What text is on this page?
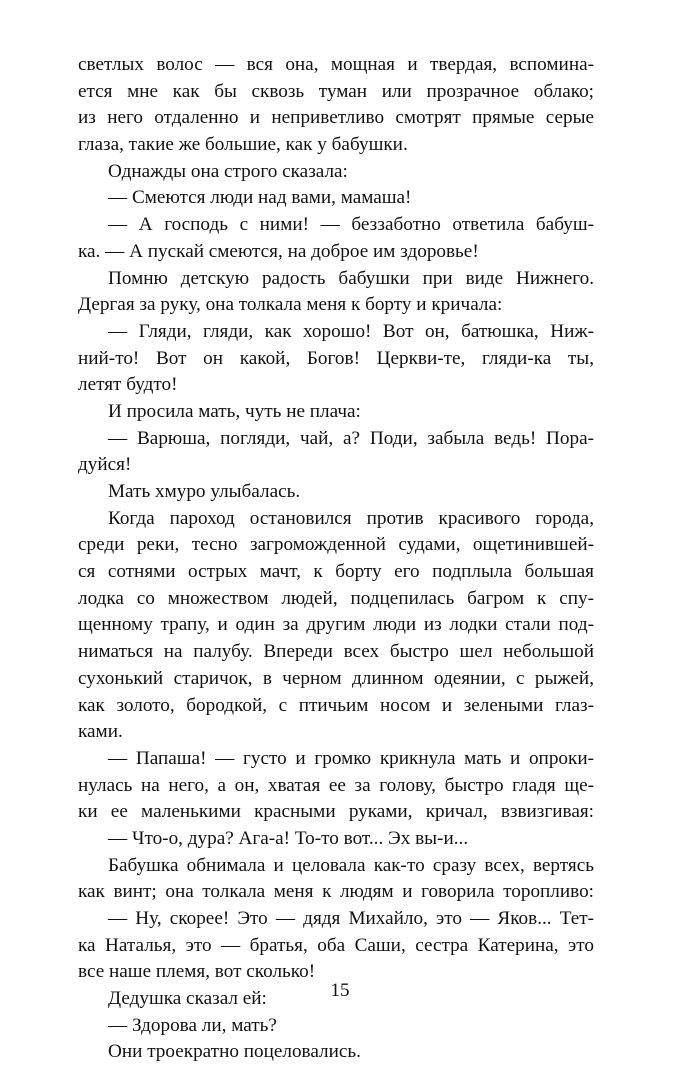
светлых волос — вся она, мощная и твердая, вспомина-
ется мне как бы сквозь туман или прозрачное облако;
из него отдаленно и неприветливо смотрят прямые серые
глаза, такие же большие, как у бабушки.
Однажды она строго сказала:
— Смеются люди над вами, мамаша!
— А господь с ними! — беззаботно ответила бабуш-
ка. — А пускай смеются, на доброе им здоровье!
Помню детскую радость бабушки при виде Нижнего.
Дергая за руку, она толкала меня к борту и кричала:
— Гляди, гляди, как хорошо! Вот он, батюшка, Ниж-
ний-то! Вот он какой, Богов! Церкви-те, гляди-ка ты,
летят будто!
И просила мать, чуть не плача:
— Варюша, погляди, чай, а? Поди, забыла ведь! Пора-
дуйся!
Мать хмуро улыбалась.
Когда пароход остановился против красивого города,
среди реки, тесно загроможденной судами, ощетинившей-
ся сотнями острых мачт, к борту его подплыла большая
лодка со множеством людей, подцепилась багром к спу-
щенному трапу, и один за другим люди из лодки стали под-
ниматься на палубу. Впереди всех быстро шел небольшой
сухонький старичок, в черном длинном одеянии, с рыжей,
как золото, бородкой, с птичьим носом и зелеными глаз-
ками.
— Папаша! — густо и громко крикнула мать и опроки-
нулась на него, а он, хватая ее за голову, быстро гладя ще-
ки ее маленькими красными руками, кричал, взвизгивая:
— Что-о, дура? Ага-а! То-то вот... Эх вы-и...
Бабушка обнимала и целовала как-то сразу всех, вертясь
как винт; она толкала меня к людям и говорила торопливо:
— Ну, скорее! Это — дядя Михайло, это — Яков... Тет-
ка Наталья, это — братья, оба Саши, сестра Катерина, это
все наше племя, вот сколько!
Дедушка сказал ей:
— Здорова ли, мать?
Они троекратно поцеловались.
15
